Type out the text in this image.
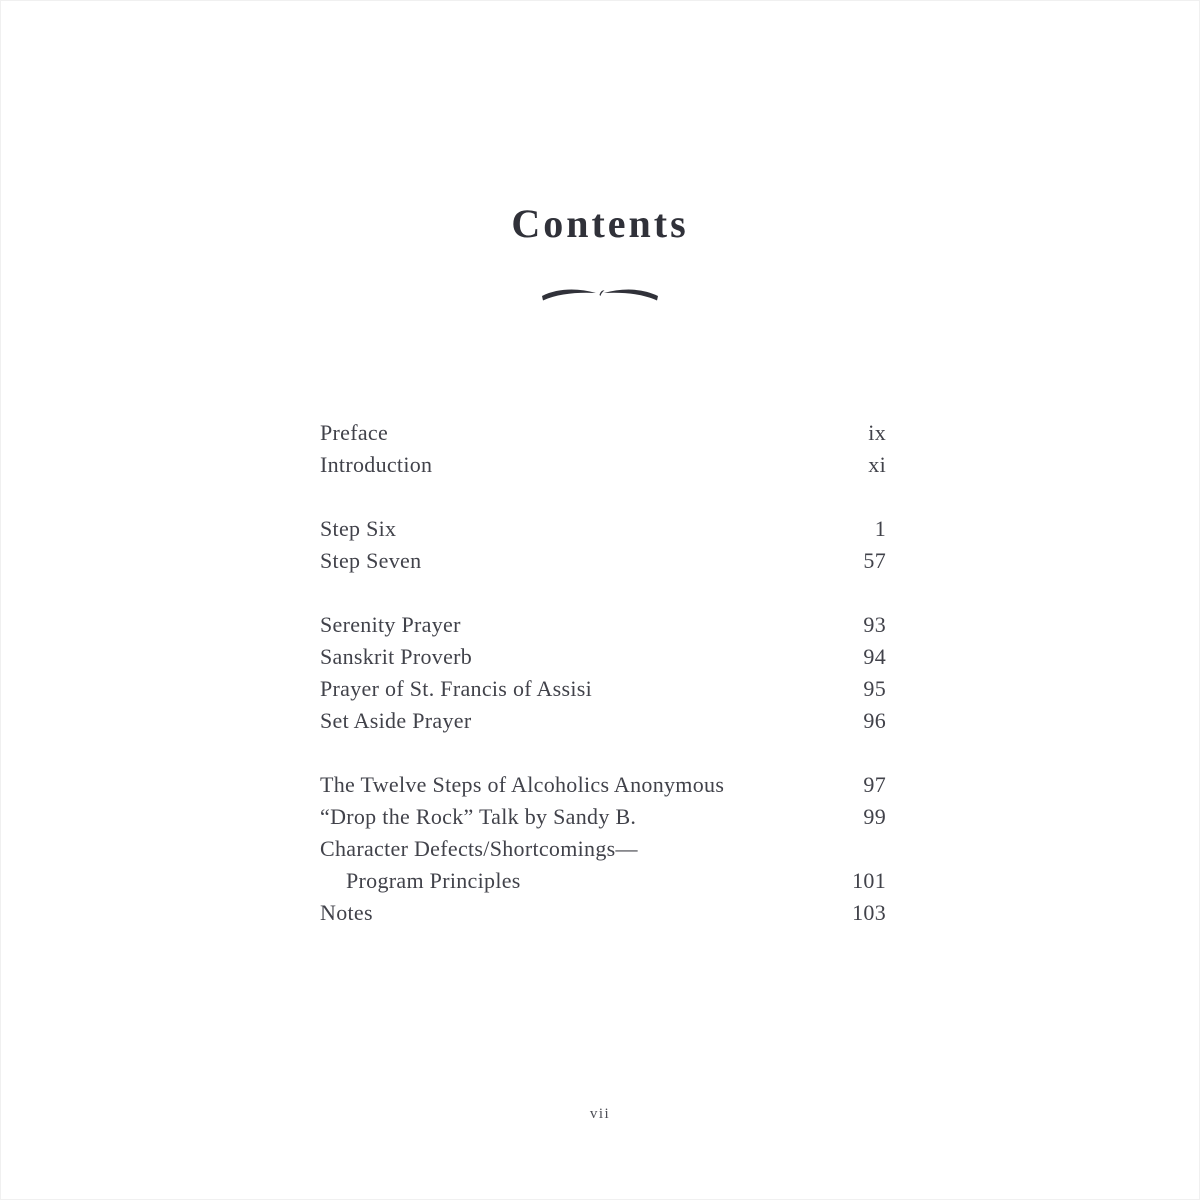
Contents
Preface	ix
Introduction	xi
Step Six	1
Step Seven	57
Serenity Prayer	93
Sanskrit Proverb	94
Prayer of St. Francis of Assisi	95
Set Aside Prayer	96
The Twelve Steps of Alcoholics Anonymous	97
“Drop the Rock” Talk by Sandy B.	99
Character Defects/Shortcomings—
Program Principles	101
Notes	103
vii
